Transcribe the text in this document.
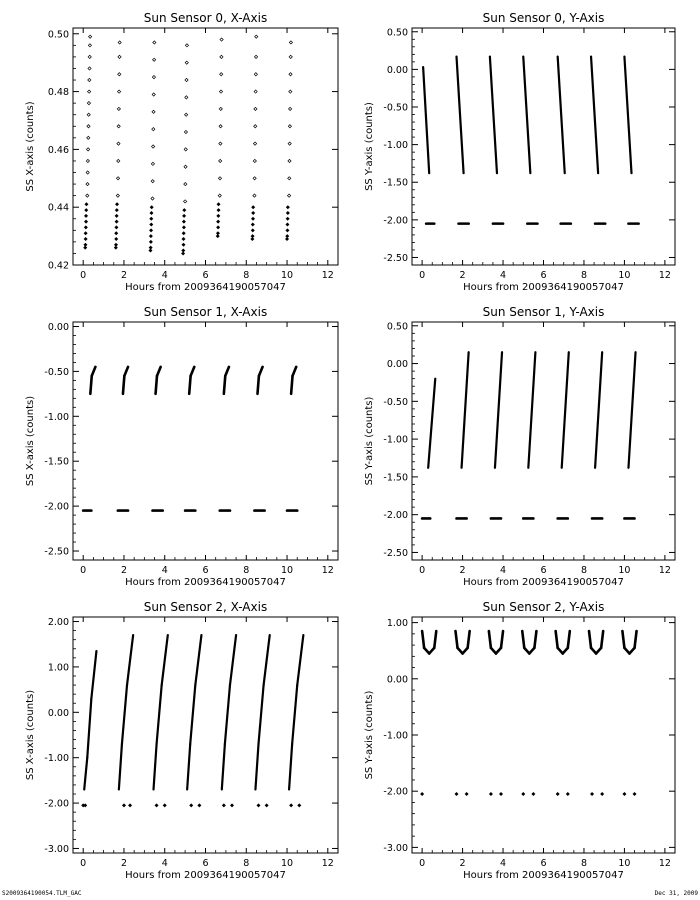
Sun Sensor 0, X-Axis
0	2	4	6	8	10	12
0.42
0.44
0.46
0.48
0.50
Hours from 2009364190057047
SS X-axis (counts)
Sun Sensor 0, Y-Axis
0	2	4	6	8	10	12
0.50
0.00
-0.50
-1.00
-1.50
-2.00
-2.50
Hours from 2009364190057047
SS Y-axis (counts)
Sun Sensor 1, X-Axis
0	2	4	6	8	10	12
0.00
-0.50
-1.00
-1.50
-2.00
-2.50
Hours from 2009364190057047
SS X-axis (counts)
Sun Sensor 1, Y-Axis
0	2	4	6	8	10	12
0.50
0.00
-0.50
-1.00
-1.50
-2.00
-2.50
Hours from 2009364190057047
SS Y-axis (counts)
Sun Sensor 2, X-Axis
0	2	4	6	8	10	12
2.00
1.00
0.00
-1.00
-2.00
-3.00
Hours from 2009364190057047
SS X-axis (counts)
Sun Sensor 2, Y-Axis
0	2	4	6	8	10	12
1.00
0.00
-1.00
-2.00
-3.00
Hours from 2009364190057047
SS Y-axis (counts)
S2009364190054.TLM_GAC	Dec 31, 2009
